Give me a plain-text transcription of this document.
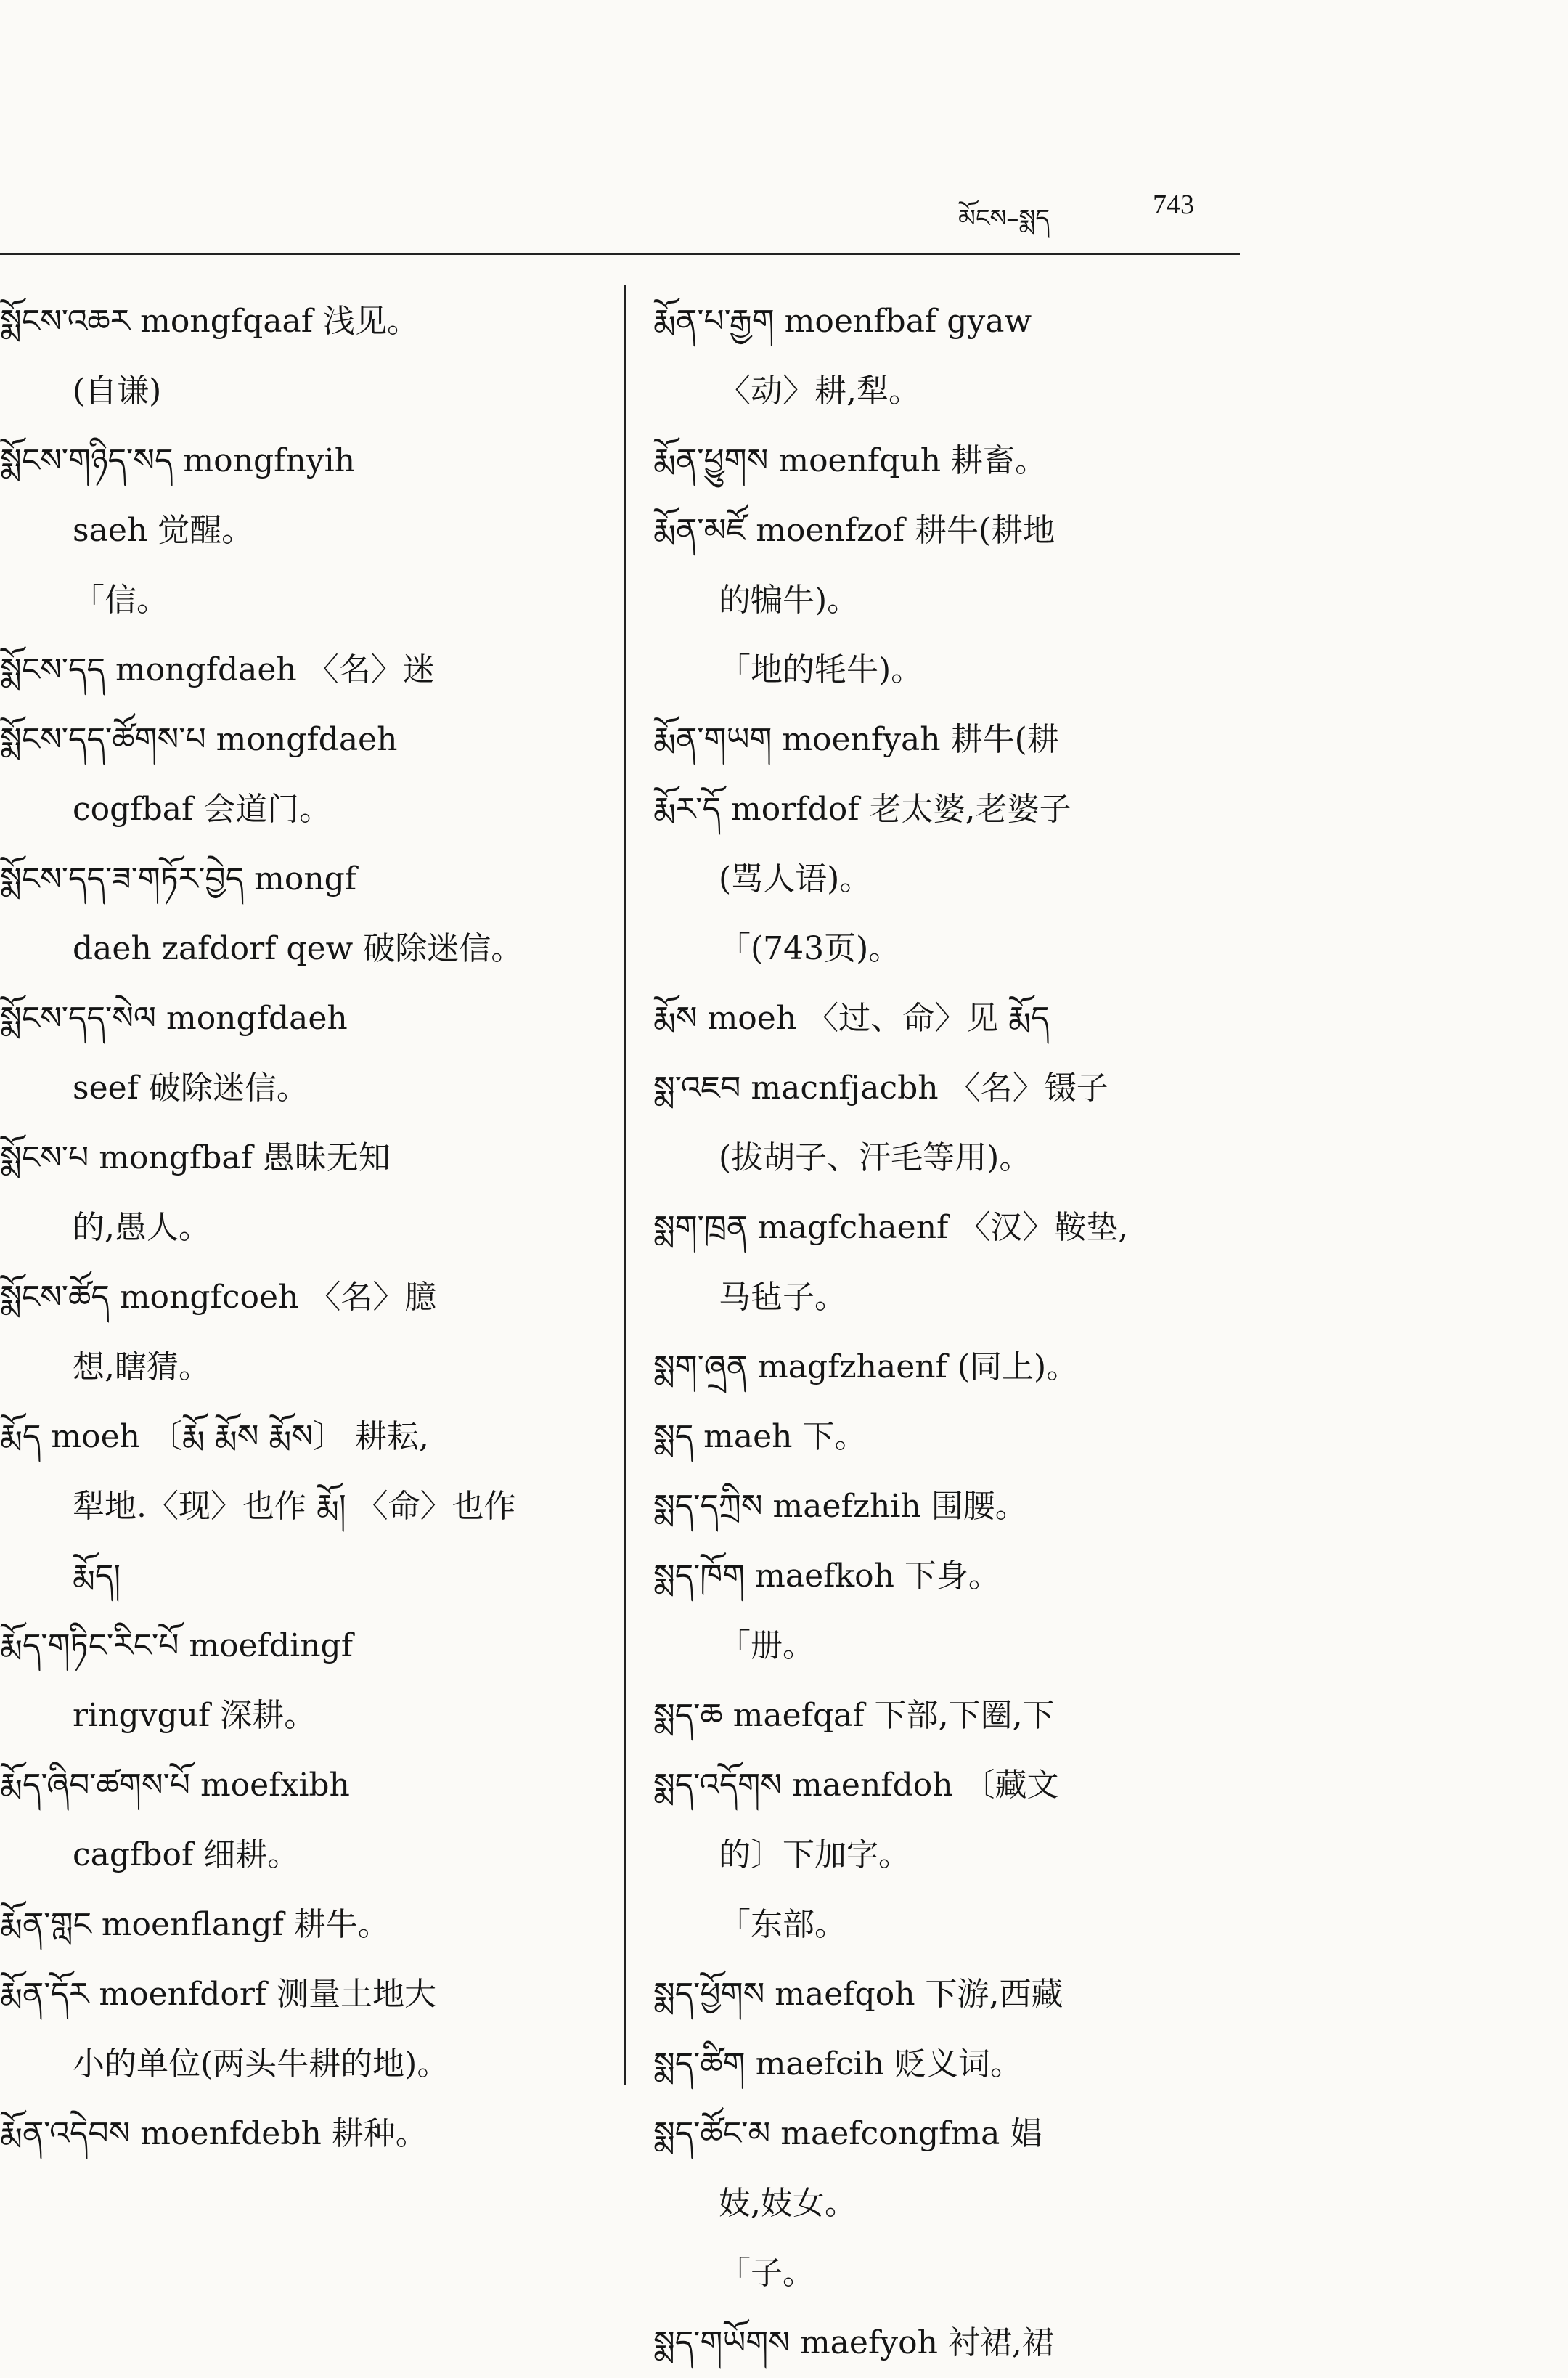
མོངས–སྨད	743
སྨོངས་འཆར mongfqaaf 浅见。
(自谦)
སྨོངས་གཉིད་སད mongfnyih
saeh 觉醒。
「信。
སྨོངས་དད mongfdaeh 〈名〉迷
སྨོངས་དད་ཚོགས་པ mongfdaeh
cogfbaf 会道门。
སྨོངས་དད་ཟ་གཏོར་བྱེད mongf
daeh zafdorf qew 破除迷信。
སྨོངས་དད་སེལ mongfdaeh
seef 破除迷信。
སྨོངས་པ mongfbaf 愚昧无知
的,愚人。
སྨོངས་ཚོད mongfcoeh 〈名〉臆
想,瞎猜。
རྨོད moeh 〔རྨོ རྨོས རྨོས〕 耕耘,
犁地.〈现〉也作 རྨོ། 〈命〉也作
རྨོད།
རྨོད་གཏིང་རིང་པོ moefdingf
ringvguf 深耕。
རྨོད་ཞིབ་ཚགས་པོ moefxibh
cagfbof 细耕。
རྨོན་གླང moenflangf 耕牛。
རྨོན་དོར moenfdorf 测量土地大
小的单位(两头牛耕的地)。
རྨོན་འདེབས moenfdebh 耕种。
རྨོན་པ་རྒྱག moenfbaf gyaw
〈动〉耕,犁。
རྨོན་ཕྱུགས moenfquh 耕畜。
རྨོན་མཛོ moenfzof 耕牛(耕地
的犏牛)。
「地的牦牛)。
རྨོན་གཡག moenfyah 耕牛(耕
རྨོར་དོ morfdof 老太婆,老婆子
(骂人语)。
「(743页)。
རྨོས moeh 〈过、命〉见 རྨོད
སྨ་འཇབ macnfjacbh 〈名〉镊子
(拔胡子、汗毛等用)。
སྨག་ཁྲན magfchaenf 〈汉〉鞍垫,
马毡子。
སྨག་ཞྲན magfzhaenf (同上)。
སྨད maeh 下。
སྨད་དཀྲིས maefzhih 围腰。
སྨད་ཁོག maefkoh 下身。
「册。
སྨད་ཆ maefqaf 下部,下圈,下
སྨད་འདོགས maenfdoh 〔藏文
的〕下加字。
「东部。
སྨད་ཕྱོགས maefqoh 下游,西藏
སྨད་ཚིག maefcih 贬义词。
སྨད་ཚོང་མ maefcongfma 娼
妓,妓女。
「子。
སྨད་གཡོགས maefyoh 衬裙,裙
